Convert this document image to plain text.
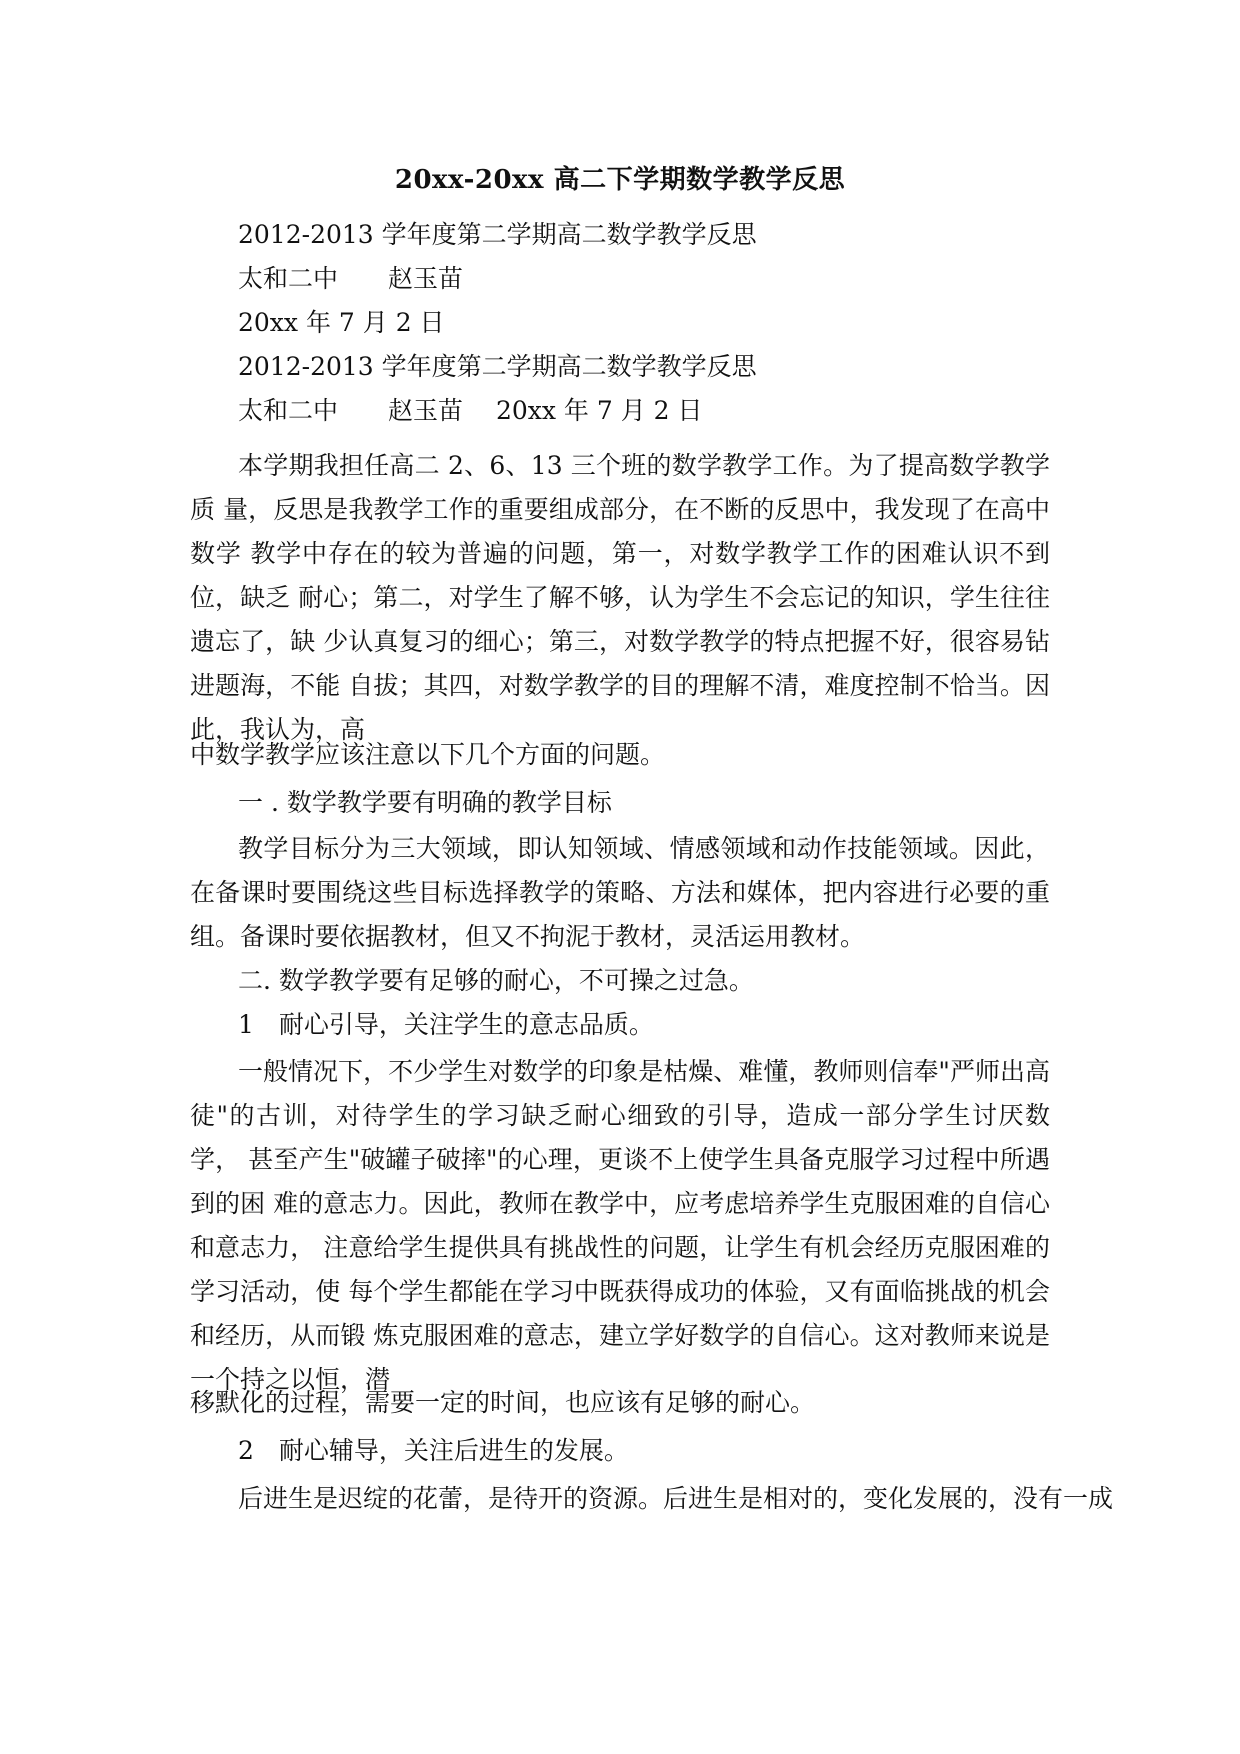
20xx-20xx 高二下学期数学教学反思
2012-2013 学年度第二学期高二数学教学反思
太和二中　　赵玉苗
20xx 年 7 月 2 日
2012-2013 学年度第二学期高二数学教学反思
太和二中　　赵玉苗　 20xx 年 7 月 2 日
本学期我担任高二 2、6、13 三个班的数学教学工作。为了提高数学教学质 量，反思是我教学工作的重要组成部分，在不断的反思中，我发现了在高中数学 教学中存在的较为普遍的问题，第一，对数学教学工作的困难认识不到位，缺乏 耐心；第二，对学生了解不够，认为学生不会忘记的知识，学生往往遗忘了，缺 少认真复习的细心；第三，对数学教学的特点把握不好，很容易钻进题海，不能 自拔；其四，对数学教学的目的理解不清，难度控制不恰当。因此，我认为，高
中数学教学应该注意以下几个方面的问题。
一 . 数学教学要有明确的教学目标
教学目标分为三大领域，即认知领域、情感领域和动作技能领域。因此，在备课时要围绕这些目标选择教学的策略、方法和媒体，把内容进行必要的重组。备课时要依据教材，但又不拘泥于教材，灵活运用教材。
二. 数学教学要有足够的耐心，不可操之过急。
1　耐心引导，关注学生的意志品质。
一般情况下，不少学生对数学的印象是枯燥、难懂，教师则信奉"严师出高 徒"的古训，对待学生的学习缺乏耐心细致的引导，造成一部分学生讨厌数学， 甚至产生"破罐子破摔"的心理，更谈不上使学生具备克服学习过程中所遇到的困 难的意志力。因此，教师在教学中，应考虑培养学生克服困难的自信心和意志力， 注意给学生提供具有挑战性的问题，让学生有机会经历克服困难的学习活动，使 每个学生都能在学习中既获得成功的体验，又有面临挑战的机会和经历，从而锻 炼克服困难的意志，建立学好数学的自信心。这对教师来说是一个持之以恒，潜
移默化的过程，需要一定的时间，也应该有足够的耐心。
2　耐心辅导，关注后进生的发展。
后进生是迟绽的花蕾，是待开的资源。后进生是相对的，变化发展的，没有一成
